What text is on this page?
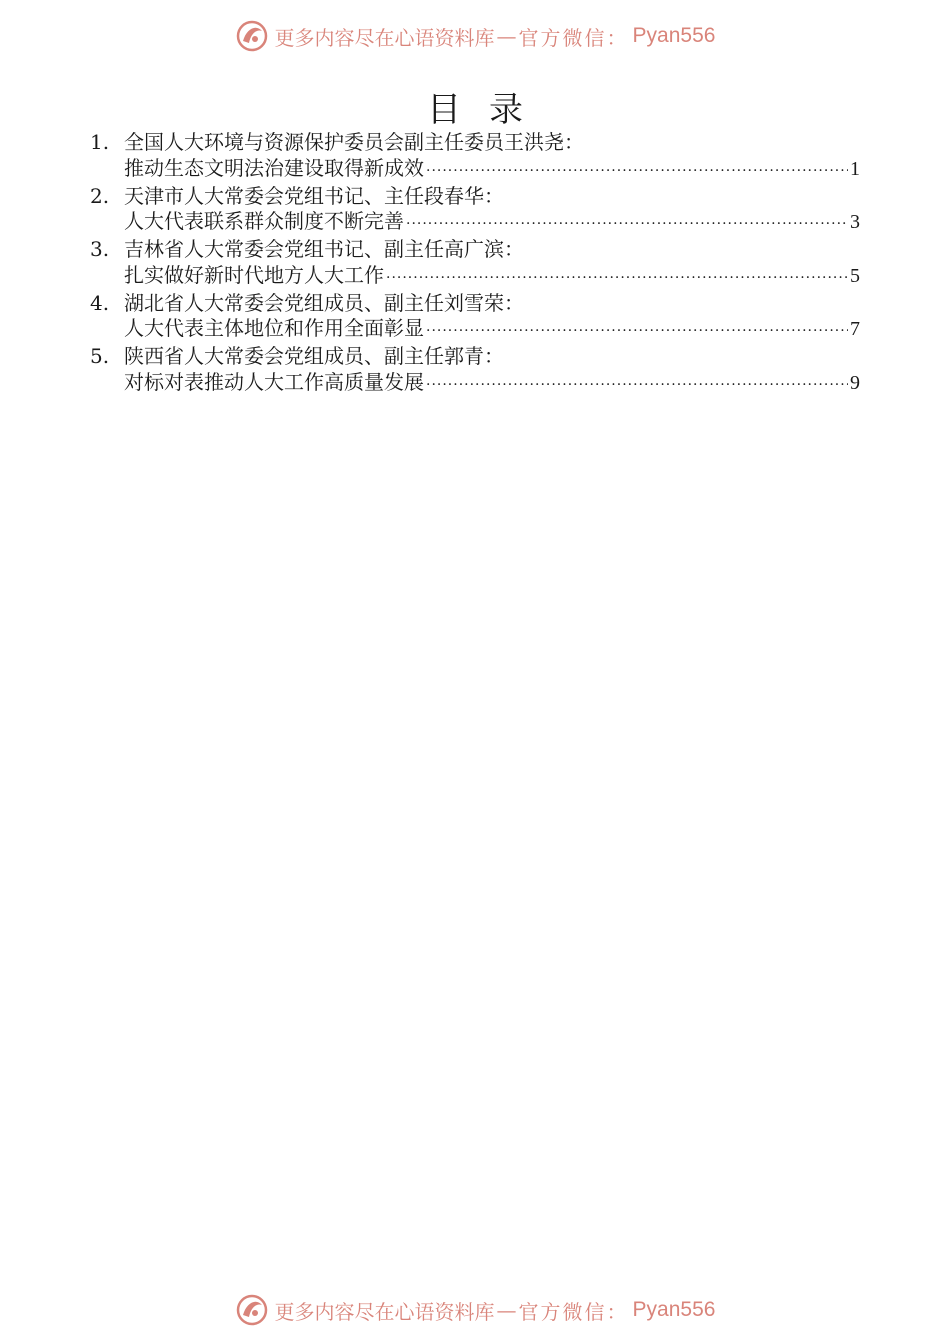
更多内容尽在心语资料库 — 官方微信： Pyan556
目录
1. 全国人大环境与资源保护委员会副主任委员王洪尧：
推动生态文明法治建设取得新成效 ·····	1
2. 天津市人大常委会党组书记、主任段春华：
人大代表联系群众制度不断完善 ·····	3
3. 吉林省人大常委会党组书记、副主任高广滨：
扎实做好新时代地方人大工作 ·····	5
4. 湖北省人大常委会党组成员、副主任刘雪荣：
人大代表主体地位和作用全面彰显 ·····	7
5. 陕西省人大常委会党组成员、副主任郭青：
对标对表推动人大工作高质量发展 ·····	9
更多内容尽在心语资料库 — 官方微信： Pyan556
